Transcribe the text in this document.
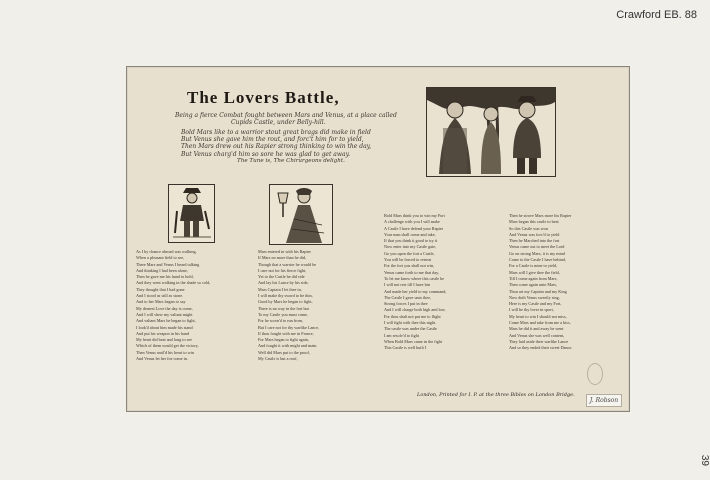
Crawford EB. 88
39
The Lovers Battle,
Being a fierce Combat fought between Mars and Venus, at a place called
Cupids Castle, under Belly-hill.
Bold Mars like to a warrior stout great brags did make in field
But Venus she gave him the rout, and forc't him for to yield,
Then Mars drew out his Rapier strong thinking to win the day,
But Venus charg'd him so sore he was glad to get away.
The Tune is, The Chirurgeons delight.
As I by chance abroad was walking,
When a pleasant field to see,
There Mars and Venus I heard talking
And thinking I had been alone,
Then he gave me his hand to hold,
And they went walking in the shade so cold,
They thought that I had gone
And I stood as still as stone.
And to her Mars began to say
My dearest Love the day is come,
And I will shew my valiant might
And valiant Mars he began to fight,
I look'd about him made his stand
And put his weapon in his hand
My heart did beat and long to see
Which of them would get the victory,
Then Venus smil'd his heart to win
And Venus let her foe come in.
Mars entered in with his Rapier
If Mars no more than he did,
Though that a warrior he would be
I care not for his fierce fight,
Yet to the Castle he did ride
And lay his Lance by his side,
Mars Captain I let thee in,
I will make thy sword to be thin,
Good by Mars he began to fight,
There is no way in the fort but
To my Castle you must come,
For he scorn'd to run from,
But I care not for thy warlike Lance,
If thou fought with me in France,
For Mars began to fight again,
And fought it with might and main.
Well did Mars put to the proof,
My Castle is but a roof,
Bold Mars think you to win my Fort
A challenge with you I will make
A Castle I have defend your Rapier
Your man shall come and take,
If that you think it good to try it
Now enter into my Castle gate,
Go you upon the fort a Castle,
You will be forced to retreat
For the fort you shall not win,
Venus came forth to me that day,
To let me know where this castle be
I will not rest till I have bin
And made her yield to my command,
The Castle I gave unto thee,
Strong forces I put in thee
And I will charge both high and low,
For thou shalt not put me to flight
I will fight with thee this night.
The castle was under the Castle
I am resolv'd to fight
When Bold Mars came in the fight
This Castle is well built I
Then he strove Mars more his Rapier
Mars began this castle to beat
So this Castle was won
And Venus was forc'd to yield
Then he Marched into the fort
Venus came out to meet the Lord
Go on strong Mars, it is my mind
Come to the Castle I have behind,
For a Castle is mine to yield,
Mars will I give thee the field,
Till I come again from Mars,
Then come again unto Mars,
Thou art my Captain and my King
Now doth Venus sweetly sing,
Here is my Castle and my Fort,
I will be thy lover in sport,
My heart to win I should not miss,
Come Mars and take from me a kiss,
Mars he did it and away he went
And Venus she was well content,
They laid aside their warlike Lance
And so they ended their sweet Dance.
London, Printed for I. P. at the three Bibles on London Bridge.
J. Robson
